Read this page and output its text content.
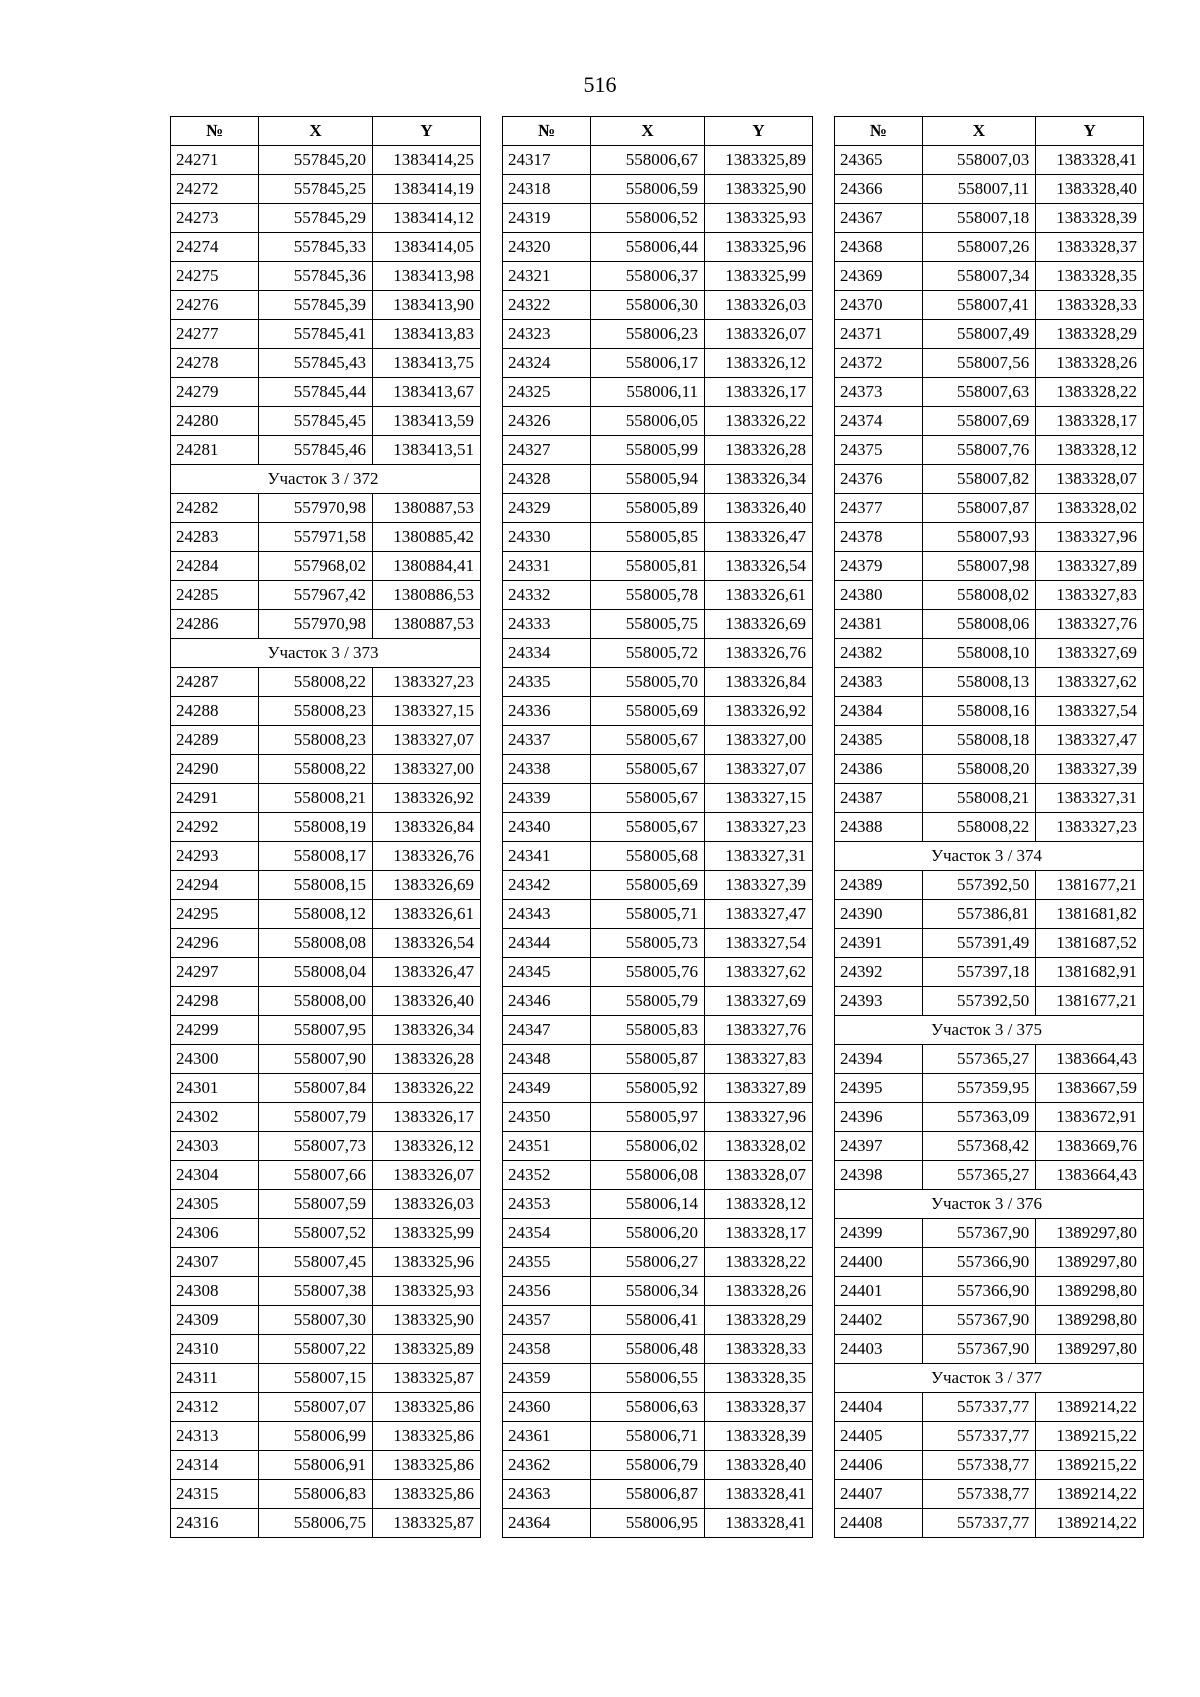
516
№	X	Y
24271	557845,20	1383414,25
24272	557845,25	1383414,19
24273	557845,29	1383414,12
24274	557845,33	1383414,05
24275	557845,36	1383413,98
24276	557845,39	1383413,90
24277	557845,41	1383413,83
24278	557845,43	1383413,75
24279	557845,44	1383413,67
24280	557845,45	1383413,59
24281	557845,46	1383413,51
Участок 3 / 372		
24282	557970,98	1380887,53
24283	557971,58	1380885,42
24284	557968,02	1380884,41
24285	557967,42	1380886,53
24286	557970,98	1380887,53
Участок 3 / 373		
24287	558008,22	1383327,23
24288	558008,23	1383327,15
24289	558008,23	1383327,07
24290	558008,22	1383327,00
24291	558008,21	1383326,92
24292	558008,19	1383326,84
24293	558008,17	1383326,76
24294	558008,15	1383326,69
24295	558008,12	1383326,61
24296	558008,08	1383326,54
24297	558008,04	1383326,47
24298	558008,00	1383326,40
24299	558007,95	1383326,34
24300	558007,90	1383326,28
24301	558007,84	1383326,22
24302	558007,79	1383326,17
24303	558007,73	1383326,12
24304	558007,66	1383326,07
24305	558007,59	1383326,03
24306	558007,52	1383325,99
24307	558007,45	1383325,96
24308	558007,38	1383325,93
24309	558007,30	1383325,90
24310	558007,22	1383325,89
24311	558007,15	1383325,87
24312	558007,07	1383325,86
24313	558006,99	1383325,86
24314	558006,91	1383325,86
24315	558006,83	1383325,86
24316	558006,75	1383325,87
№	X	Y
24317	558006,67	1383325,89
24318	558006,59	1383325,90
24319	558006,52	1383325,93
24320	558006,44	1383325,96
24321	558006,37	1383325,99
24322	558006,30	1383326,03
24323	558006,23	1383326,07
24324	558006,17	1383326,12
24325	558006,11	1383326,17
24326	558006,05	1383326,22
24327	558005,99	1383326,28
24328	558005,94	1383326,34
24329	558005,89	1383326,40
24330	558005,85	1383326,47
24331	558005,81	1383326,54
24332	558005,78	1383326,61
24333	558005,75	1383326,69
24334	558005,72	1383326,76
24335	558005,70	1383326,84
24336	558005,69	1383326,92
24337	558005,67	1383327,00
24338	558005,67	1383327,07
24339	558005,67	1383327,15
24340	558005,67	1383327,23
24341	558005,68	1383327,31
24342	558005,69	1383327,39
24343	558005,71	1383327,47
24344	558005,73	1383327,54
24345	558005,76	1383327,62
24346	558005,79	1383327,69
24347	558005,83	1383327,76
24348	558005,87	1383327,83
24349	558005,92	1383327,89
24350	558005,97	1383327,96
24351	558006,02	1383328,02
24352	558006,08	1383328,07
24353	558006,14	1383328,12
24354	558006,20	1383328,17
24355	558006,27	1383328,22
24356	558006,34	1383328,26
24357	558006,41	1383328,29
24358	558006,48	1383328,33
24359	558006,55	1383328,35
24360	558006,63	1383328,37
24361	558006,71	1383328,39
24362	558006,79	1383328,40
24363	558006,87	1383328,41
24364	558006,95	1383328,41
№	X	Y
24365	558007,03	1383328,41
24366	558007,11	1383328,40
24367	558007,18	1383328,39
24368	558007,26	1383328,37
24369	558007,34	1383328,35
24370	558007,41	1383328,33
24371	558007,49	1383328,29
24372	558007,56	1383328,26
24373	558007,63	1383328,22
24374	558007,69	1383328,17
24375	558007,76	1383328,12
24376	558007,82	1383328,07
24377	558007,87	1383328,02
24378	558007,93	1383327,96
24379	558007,98	1383327,89
24380	558008,02	1383327,83
24381	558008,06	1383327,76
24382	558008,10	1383327,69
24383	558008,13	1383327,62
24384	558008,16	1383327,54
24385	558008,18	1383327,47
24386	558008,20	1383327,39
24387	558008,21	1383327,31
24388	558008,22	1383327,23
Участок 3 / 374		
24389	557392,50	1381677,21
24390	557386,81	1381681,82
24391	557391,49	1381687,52
24392	557397,18	1381682,91
24393	557392,50	1381677,21
Участок 3 / 375		
24394	557365,27	1383664,43
24395	557359,95	1383667,59
24396	557363,09	1383672,91
24397	557368,42	1383669,76
24398	557365,27	1383664,43
Участок 3 / 376		
24399	557367,90	1389297,80
24400	557366,90	1389297,80
24401	557366,90	1389298,80
24402	557367,90	1389298,80
24403	557367,90	1389297,80
Участок 3 / 377		
24404	557337,77	1389214,22
24405	557337,77	1389215,22
24406	557338,77	1389215,22
24407	557338,77	1389214,22
24408	557337,77	1389214,22
